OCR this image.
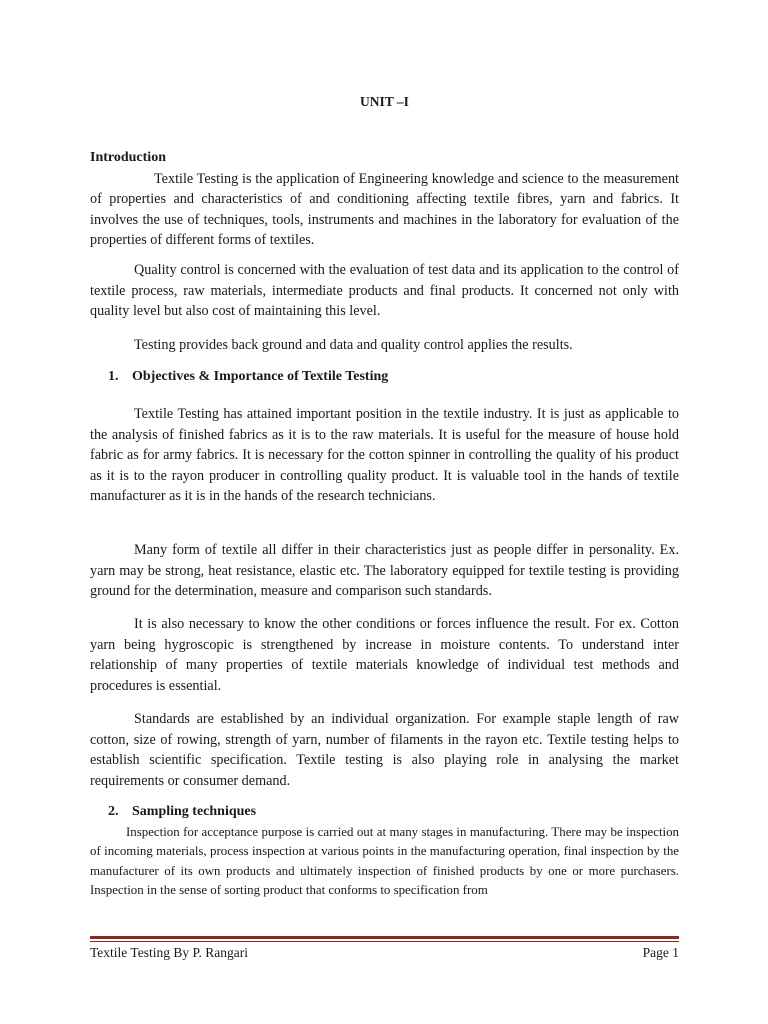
UNIT –I

Introduction

Textile Testing is the application of Engineering knowledge and science to the measurement of properties and characteristics of and conditioning affecting textile fibres, yarn and fabrics. It involves the use of techniques, tools, instruments and machines in the laboratory for evaluation of the properties of different forms of textiles.

Quality control is concerned with the evaluation of test data and its application to the control of textile process, raw materials, intermediate products and final products. It concerned not only with quality level but also cost of maintaining this level.

Testing provides back ground and data and quality control applies the results.

1. Objectives & Importance of Textile Testing

Textile Testing has attained important position in the textile industry. It is just as applicable to the analysis of finished fabrics as it is to the raw materials. It is useful for the measure of house hold fabric as for army fabrics. It is necessary for the cotton spinner in controlling the quality of his product as it is to the rayon producer in controlling quality product. It is valuable tool in the hands of textile manufacturer as it is in the hands of the research technicians.

Many form of textile all differ in their characteristics just as people differ in personality. Ex. yarn may be strong, heat resistance, elastic etc. The laboratory equipped for textile testing is providing ground for the determination, measure and comparison such standards.

It is also necessary to know the other conditions or forces influence the result. For ex. Cotton yarn being hygroscopic is strengthened by increase in moisture contents. To understand inter relationship of many properties of textile materials knowledge of individual test methods and procedures is essential.

Standards are established by an individual organization. For example staple length of raw cotton, size of rowing, strength of yarn, number of filaments in the rayon etc. Textile testing helps to establish scientific specification. Textile testing is also playing role in analysing the market requirements or consumer demand.

2. Sampling techniques

Inspection for acceptance purpose is carried out at many stages in manufacturing. There may be inspection of incoming materials, process inspection at various points in the manufacturing operation, final inspection by the manufacturer of its own products and ultimately inspection of finished products by one or more purchasers. Inspection in the sense of sorting product that conforms to specification from

Textile Testing By P. Rangari	Page 1
